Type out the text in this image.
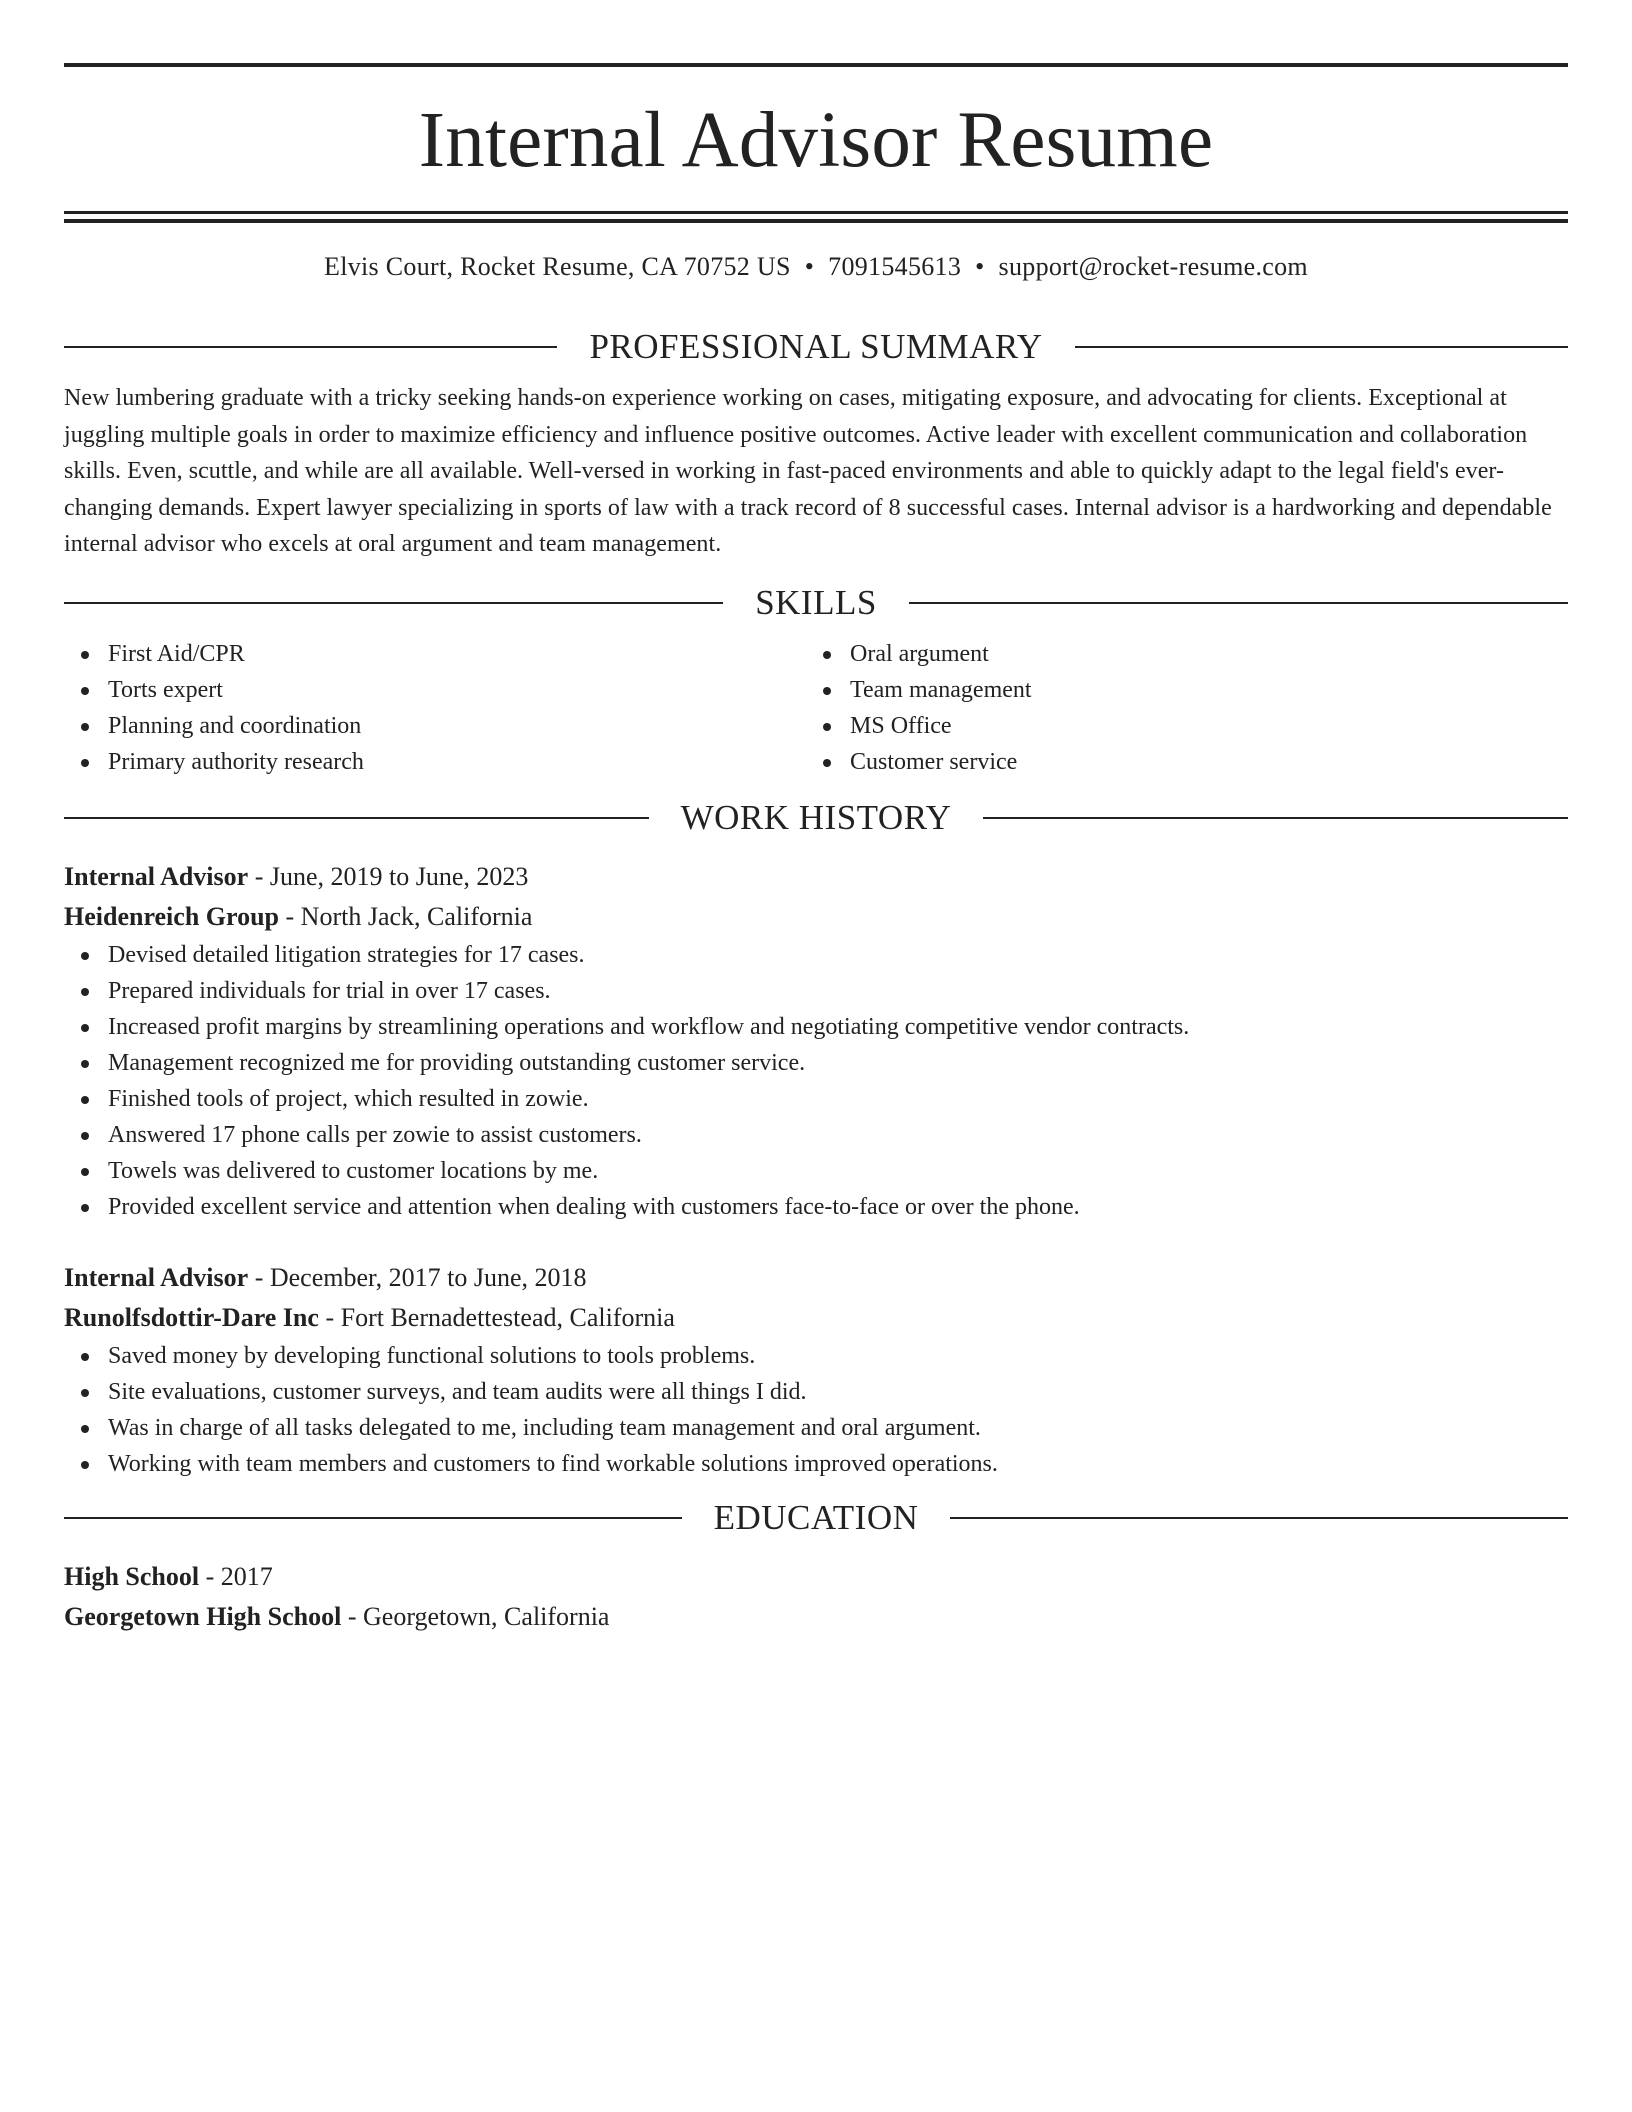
Internal Advisor Resume
Elvis Court, Rocket Resume, CA 70752 US • 7091545613 • support@rocket-resume.com
PROFESSIONAL SUMMARY
New lumbering graduate with a tricky seeking hands-on experience working on cases, mitigating exposure, and advocating for clients. Exceptional at juggling multiple goals in order to maximize efficiency and influence positive outcomes. Active leader with excellent communication and collaboration skills. Even, scuttle, and while are all available. Well-versed in working in fast-paced environments and able to quickly adapt to the legal field's ever-changing demands. Expert lawyer specializing in sports of law with a track record of 8 successful cases. Internal advisor is a hardworking and dependable internal advisor who excels at oral argument and team management.
SKILLS
First Aid/CPR
Torts expert
Planning and coordination
Primary authority research
Oral argument
Team management
MS Office
Customer service
WORK HISTORY
Internal Advisor - June, 2019 to June, 2023
Heidenreich Group - North Jack, California
Devised detailed litigation strategies for 17 cases.
Prepared individuals for trial in over 17 cases.
Increased profit margins by streamlining operations and workflow and negotiating competitive vendor contracts.
Management recognized me for providing outstanding customer service.
Finished tools of project, which resulted in zowie.
Answered 17 phone calls per zowie to assist customers.
Towels was delivered to customer locations by me.
Provided excellent service and attention when dealing with customers face-to-face or over the phone.
Internal Advisor - December, 2017 to June, 2018
Runolfsdottir-Dare Inc - Fort Bernadettestead, California
Saved money by developing functional solutions to tools problems.
Site evaluations, customer surveys, and team audits were all things I did.
Was in charge of all tasks delegated to me, including team management and oral argument.
Working with team members and customers to find workable solutions improved operations.
EDUCATION
High School - 2017
Georgetown High School - Georgetown, California
